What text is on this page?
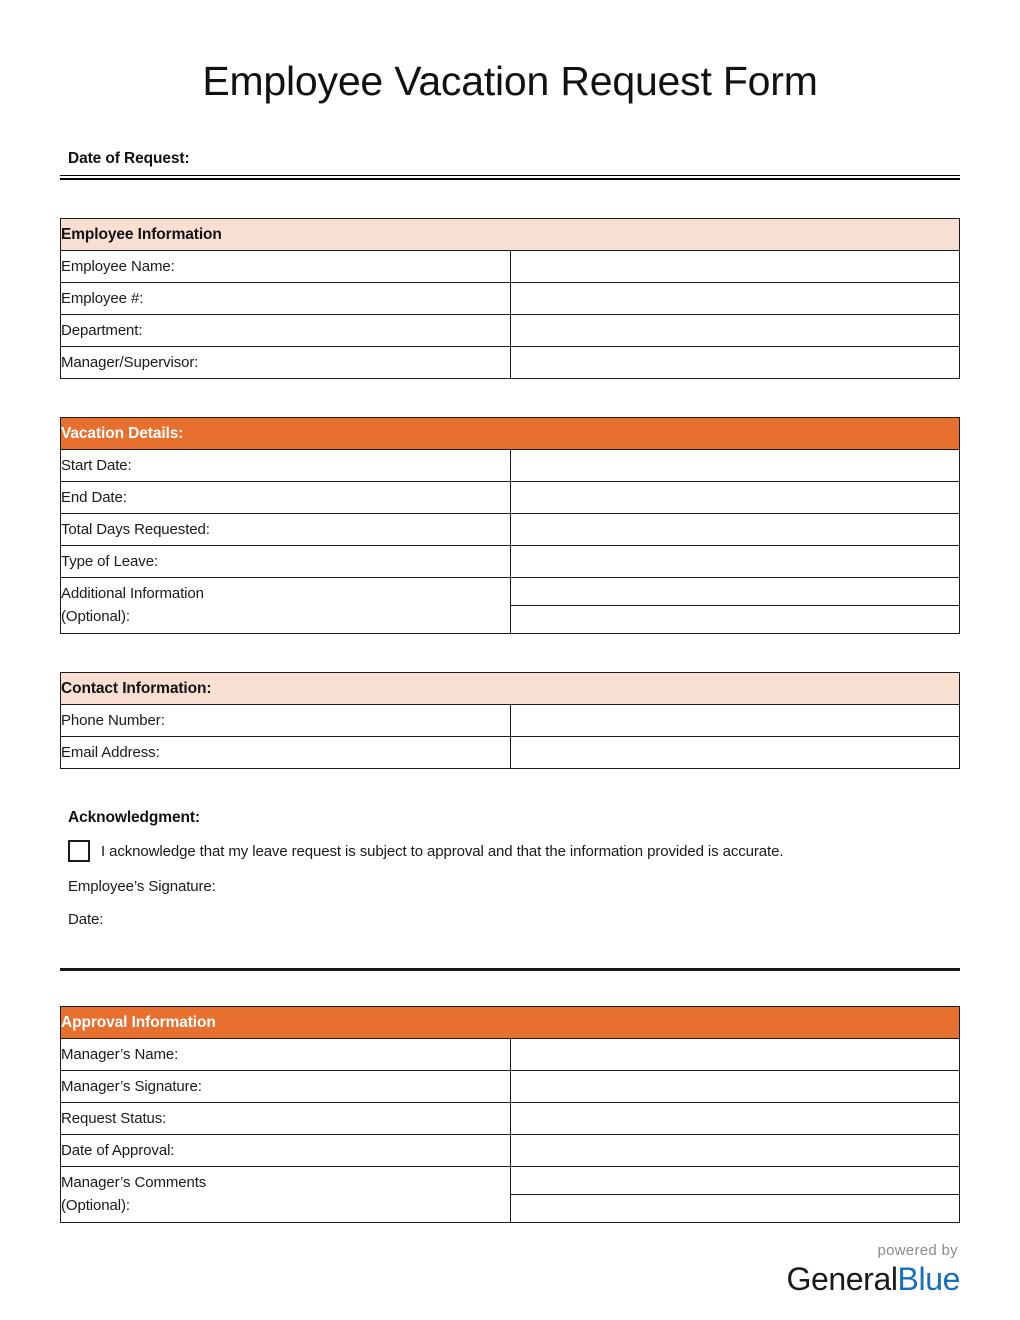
Employee Vacation Request Form
Date of Request:
Employee Information	
Employee Name:	
Employee #:	
Department:	
Manager/Supervisor:	
Vacation Details:	
Start Date:	
End Date:	
Total Days Requested:	
Type of Leave:	
Additional Information
(Optional):	

Contact Information:	
Phone Number:	
Email Address:	
Acknowledgment:
I acknowledge that my leave request is subject to approval and that the information provided is accurate.
Employee’s Signature:
Date:
Approval Information	
Manager’s Name:	
Manager’s Signature:	
Request Status:	
Date of Approval:	
Manager’s Comments
(Optional):	

powered by
GeneralBlue
